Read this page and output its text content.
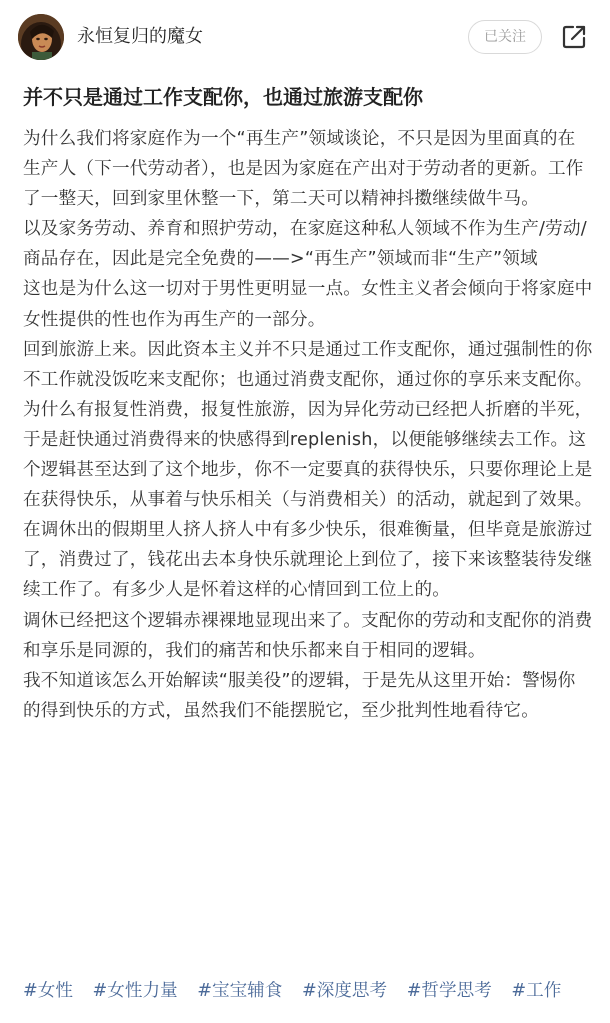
永恒复归的魔女	已关注
并不只是通过工作支配你，也通过旅游支配你

为什么我们将家庭作为一个“再生产”领域谈论，不只是因为里面真的在生产人（下一代劳动者），也是因为家庭在产出对于劳动者的更新。工作了一整天，回到家里休整一下，第二天可以精神抖擞继续做牛马。

以及家务劳动、养育和照护劳动，在家庭这种私人领域不作为生产/劳动/商品存在，因此是完全免费的——>“再生产”领域而非“生产”领域

这也是为什么这一切对于男性更明显一点。女性主义者会倾向于将家庭中女性提供的性也作为再生产的一部分。

回到旅游上来。因此资本主义并不只是通过工作支配你，通过强制性的你不工作就没饭吃来支配你；也通过消费支配你，通过你的享乐来支配你。为什么有报复性消费，报复性旅游，因为异化劳动已经把人折磨的半死，于是赶快通过消费得来的快感得到replenish，以便能够继续去工作。这个逻辑甚至达到了这个地步，你不一定要真的获得快乐，只要你理论上是在获得快乐，从事着与快乐相关（与消费相关）的活动，就起到了效果。在调休出的假期里人挤人挤人中有多少快乐，很难衡量，但毕竟是旅游过了，消费过了，钱花出去本身快乐就理论上到位了，接下来该整装待发继续工作了。有多少人是怀着这样的心情回到工位上的。

调休已经把这个逻辑赤裸裸地显现出来了。支配你的劳动和支配你的消费和享乐是同源的，我们的痛苦和快乐都来自于相同的逻辑。

我不知道该怎么开始解读“服美役”的逻辑，于是先从这里开始：警惕你的得到快乐的方式，虽然我们不能摆脱它，至少批判性地看待它。

#女性 #女性力量 #宝宝辅食 #深度思考 #哲学思考 #工作
